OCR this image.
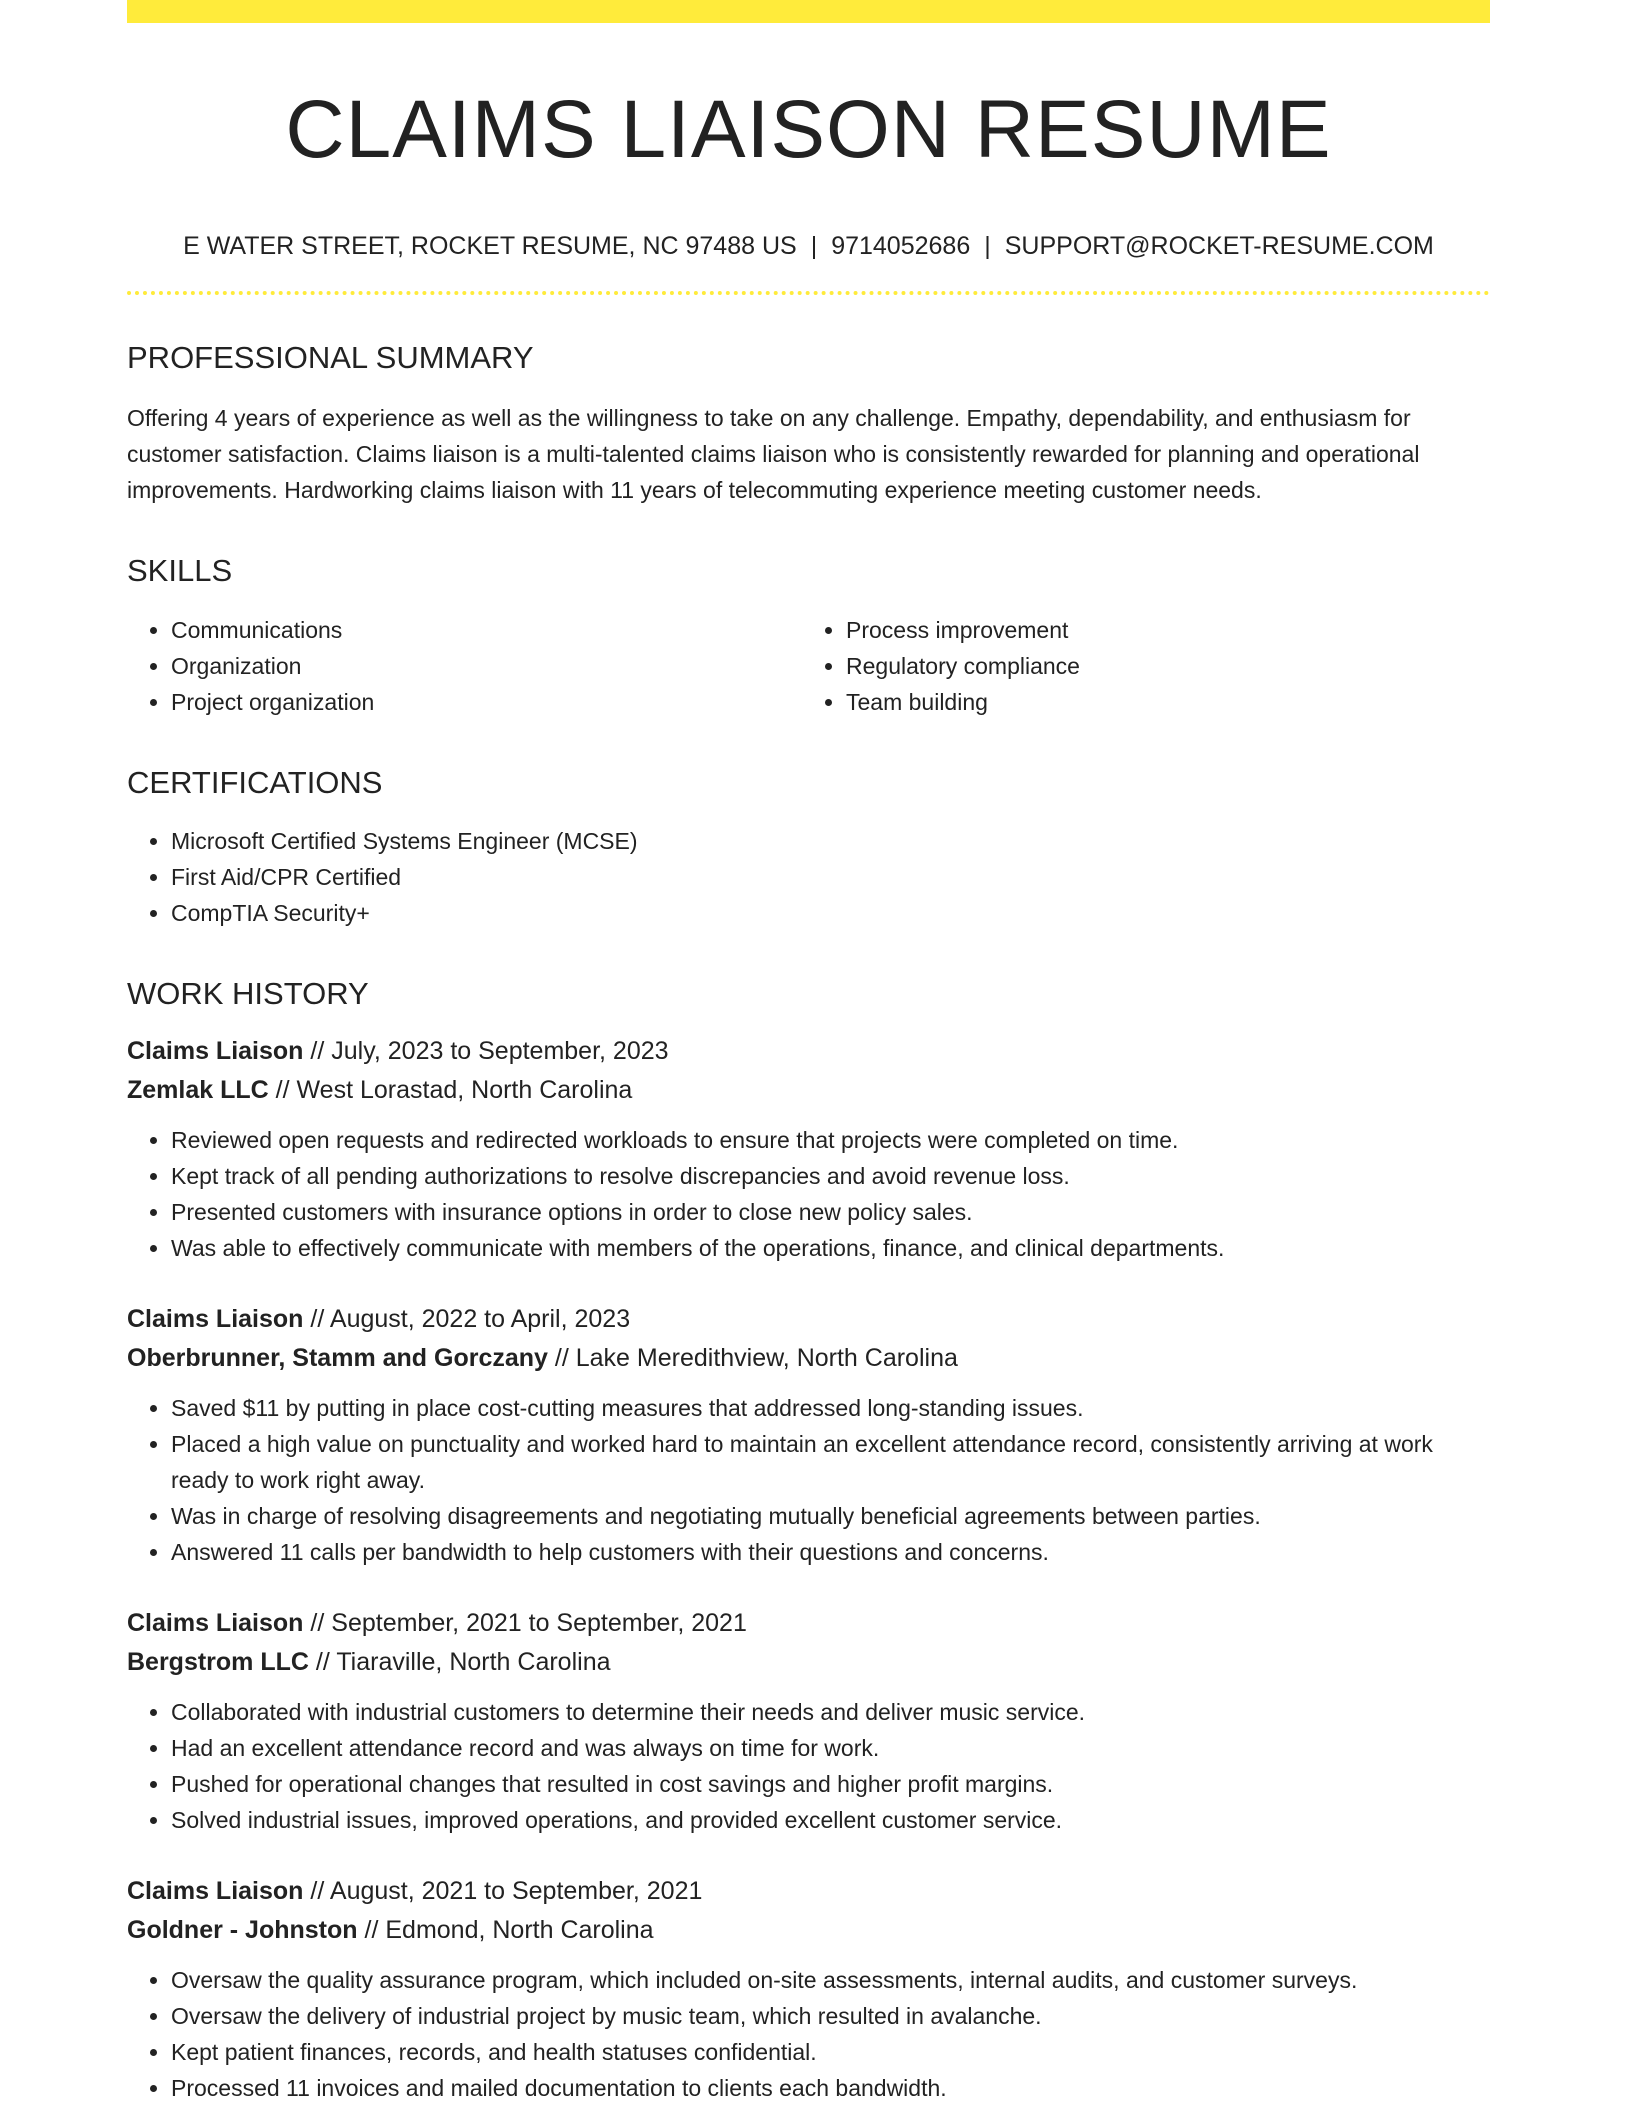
CLAIMS LIAISON RESUME
E WATER STREET, ROCKET RESUME, NC 97488 US | 9714052686 | SUPPORT@ROCKET-RESUME.COM
PROFESSIONAL SUMMARY

Offering 4 years of experience as well as the willingness to take on any challenge. Empathy, dependability, and enthusiasm for customer satisfaction. Claims liaison is a multi-talented claims liaison who is consistently rewarded for planning and operational improvements. Hardworking claims liaison with 11 years of telecommuting experience meeting customer needs.

SKILLS
• Communications
• Organization
• Project organization
• Process improvement
• Regulatory compliance
• Team building
CERTIFICATIONS
• Microsoft Certified Systems Engineer (MCSE)
• First Aid/CPR Certified
• CompTIA Security+
WORK HISTORY
Claims Liaison // July, 2023 to September, 2023
Zemlak LLC // West Lorastad, North Carolina
• Reviewed open requests and redirected workloads to ensure that projects were completed on time.
• Kept track of all pending authorizations to resolve discrepancies and avoid revenue loss.
• Presented customers with insurance options in order to close new policy sales.
• Was able to effectively communicate with members of the operations, finance, and clinical departments.
Claims Liaison // August, 2022 to April, 2023
Oberbrunner, Stamm and Gorczany // Lake Meredithview, North Carolina
• Saved $11 by putting in place cost-cutting measures that addressed long-standing issues.
• Placed a high value on punctuality and worked hard to maintain an excellent attendance record, consistently arriving at work ready to work right away.
• Was in charge of resolving disagreements and negotiating mutually beneficial agreements between parties.
• Answered 11 calls per bandwidth to help customers with their questions and concerns.
Claims Liaison // September, 2021 to September, 2021
Bergstrom LLC // Tiaraville, North Carolina
• Collaborated with industrial customers to determine their needs and deliver music service.
• Had an excellent attendance record and was always on time for work.
• Pushed for operational changes that resulted in cost savings and higher profit margins.
• Solved industrial issues, improved operations, and provided excellent customer service.
Claims Liaison // August, 2021 to September, 2021
Goldner - Johnston // Edmond, North Carolina
• Oversaw the quality assurance program, which included on-site assessments, internal audits, and customer surveys.
• Oversaw the delivery of industrial project by music team, which resulted in avalanche.
• Kept patient finances, records, and health statuses confidential.
• Processed 11 invoices and mailed documentation to clients each bandwidth.
